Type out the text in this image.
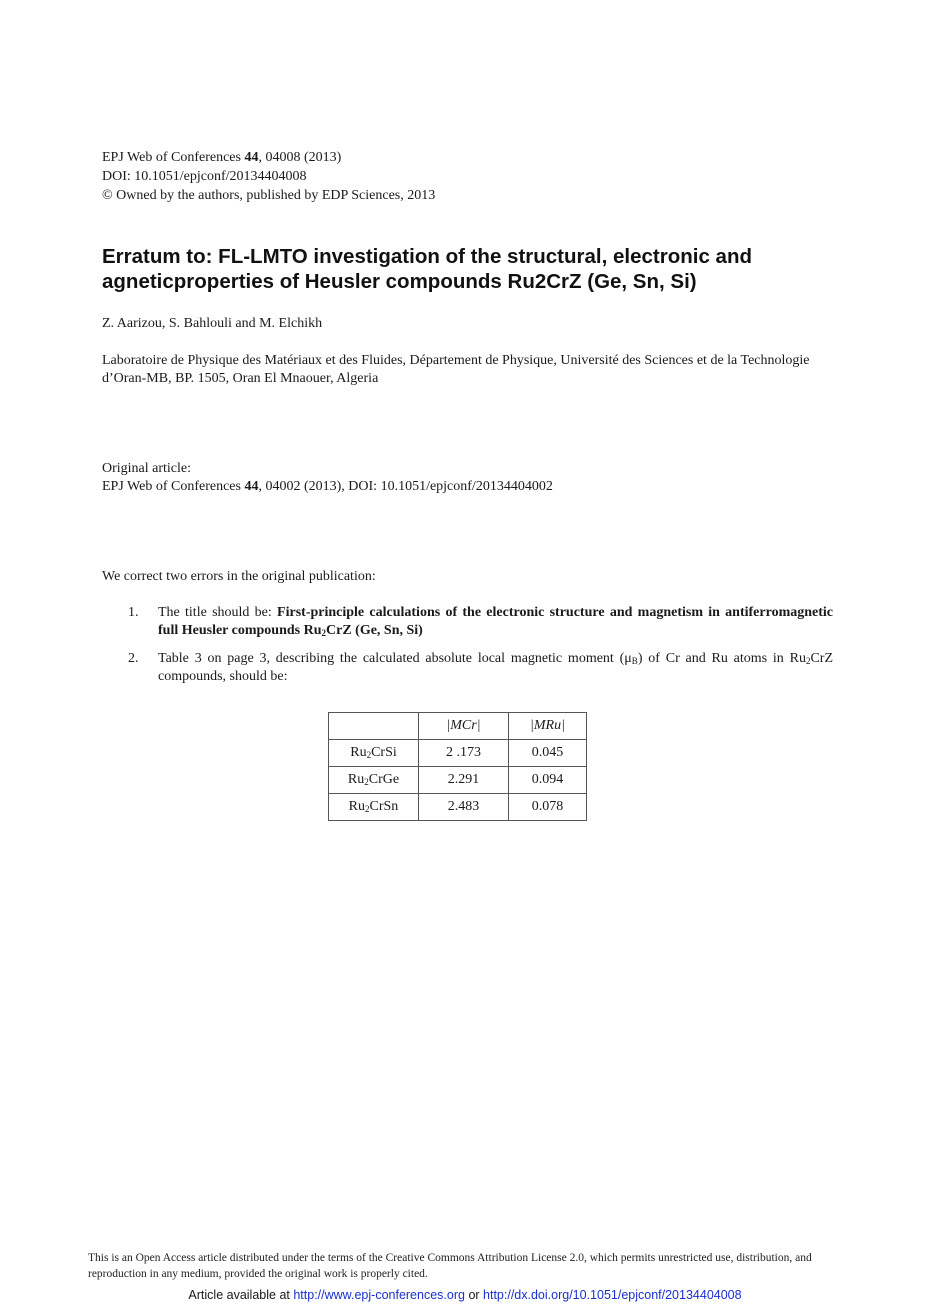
EPJ Web of Conferences 44, 04008 (2013)
DOI: 10.1051/epjconf/20134404008
© Owned by the authors, published by EDP Sciences, 2013
Erratum to: FL-LMTO investigation of the structural, electronic and
agneticproperties of Heusler compounds Ru2CrZ (Ge, Sn, Si)
Z. Aarizou, S. Bahlouli and M. Elchikh
Laboratoire de Physique des Matériaux et des Fluides, Département de Physique, Université des Sciences et de la Technologie d’Oran-MB, BP. 1505, Oran El Mnaouer, Algeria
Original article:
EPJ Web of Conferences 44, 04002 (2013), DOI: 10.1051/epjconf/20134404002
We correct two errors in the original publication:
1. The title should be: First-principle calculations of the electronic structure and magnetism in antiferromagnetic full Heusler compounds $Ru_2CrZ$ (Ge, Sn, Si)
2. Table 3 on page 3, describing the calculated absolute local magnetic moment $(\mu_B)$ of Cr and Ru atoms in $Ru_2CrZ$ compounds, should be:
	|MCr|	|MRu|
$Ru_2CrSi$	2 .173	0.045
$Ru_2CrGe$	2.291	0.094
$Ru_2CrSn$	2.483	0.078
This is an Open Access article distributed under the terms of the Creative Commons Attribution License 2.0, which permits unrestricted use, distribution, and reproduction in any medium, provided the original work is properly cited.
Article available at http://www.epj-conferences.org or http://dx.doi.org/10.1051/epjconf/20134404008
